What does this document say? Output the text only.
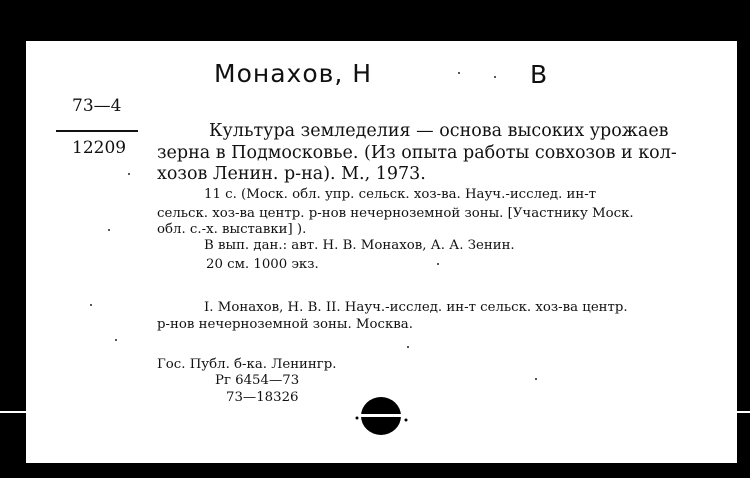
Монахов, Н	В
73—4
12209
Культура земледелия — основа высоких урожаев
зерна в Подмосковье. (Из опыта работы совхозов и кол-
хозов Ленин. р-на). М., 1973.
11 с. (Моск. обл. упр. сельск. хоз-ва. Науч.-исслед. ин-т
сельск. хоз-ва центр. р-нов нечерноземной зоны. [Участнику Моск.
обл. с.-х. выставки] ).
В вып. дан.: авт. Н. В. Монахов, А. А. Зенин.
20 см. 1000 экз.
I. Монахов, Н. В. II. Науч.-исслед. ин-т сельск. хоз-ва центр.
р-нов нечерноземной зоны. Москва.
Гос. Публ. б-ка. Ленингр.
Рг 6454—73
73—18326
